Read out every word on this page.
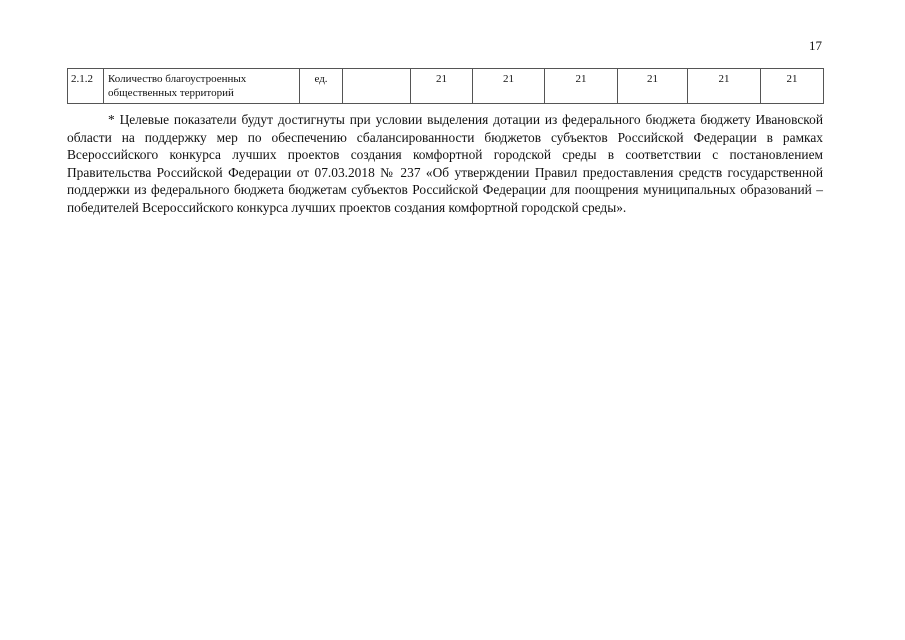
17
2.1.2	Количество благоустроенных общественных территорий	ед.		21	21	21	21	21	21

* Целевые показатели будут достигнуты при условии выделения дотации из федерального бюджета бюджету Ивановской области на поддержку мер по обеспечению сбалансированности бюджетов субъектов Российской Федерации в рамках Всероссийского конкурса лучших проектов создания комфортной городской среды в соответствии с постановлением Правительства Российской Федерации от 07.03.2018 № 237 «Об утверждении Правил предоставления средств государственной поддержки из федерального бюджета бюджетам субъектов Российской Федерации для поощрения муниципальных образований – победителей Всероссийского конкурса лучших проектов создания комфортной городской среды».
